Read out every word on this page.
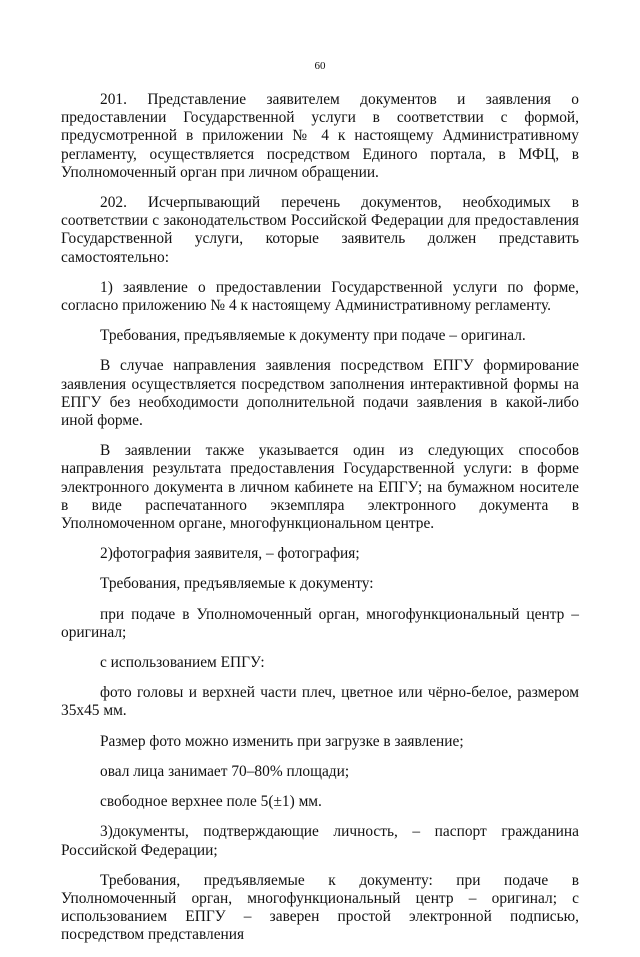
60

201. Представление заявителем документов и заявления о предоставлении Государственной услуги в соответствии с формой, предусмотренной в приложении № 4 к настоящему Административному регламенту, осуществляется посредством Единого портала, в МФЦ, в Уполномоченный орган при личном обращении.

202. Исчерпывающий перечень документов, необходимых в соответствии с законодательством Российской Федерации для предоставления Государственной услуги, которые заявитель должен представить самостоятельно:

1) заявление о предоставлении Государственной услуги по форме, согласно приложению № 4 к настоящему Административному регламенту.

Требования, предъявляемые к документу при подаче – оригинал.

В случае направления заявления посредством ЕПГУ формирование заявления осуществляется посредством заполнения интерактивной формы на ЕПГУ без необходимости дополнительной подачи заявления в какой-либо иной форме.

В заявлении также указывается один из следующих способов направления результата предоставления Государственной услуги: в форме электронного документа в личном кабинете на ЕПГУ; на бумажном носителе в виде распечатанного экземпляра электронного документа в Уполномоченном органе, многофункциональном центре.

2)фотография заявителя, – фотография;

Требования, предъявляемые к документу:

при подаче в Уполномоченный орган, многофункциональный центр – оригинал;

с использованием ЕПГУ:

фото головы и верхней части плеч, цветное или чёрно-белое, размером 35x45 мм.

Размер фото можно изменить при загрузке в заявление;

овал лица занимает 70–80% площади;

свободное верхнее поле 5(±1) мм.

3)документы, подтверждающие личность, – паспорт гражданина Российской Федерации;

Требования, предъявляемые к документу: при подаче в Уполномоченный орган, многофункциональный центр – оригинал; с использованием ЕПГУ – заверен простой электронной подписью, посредством представления
